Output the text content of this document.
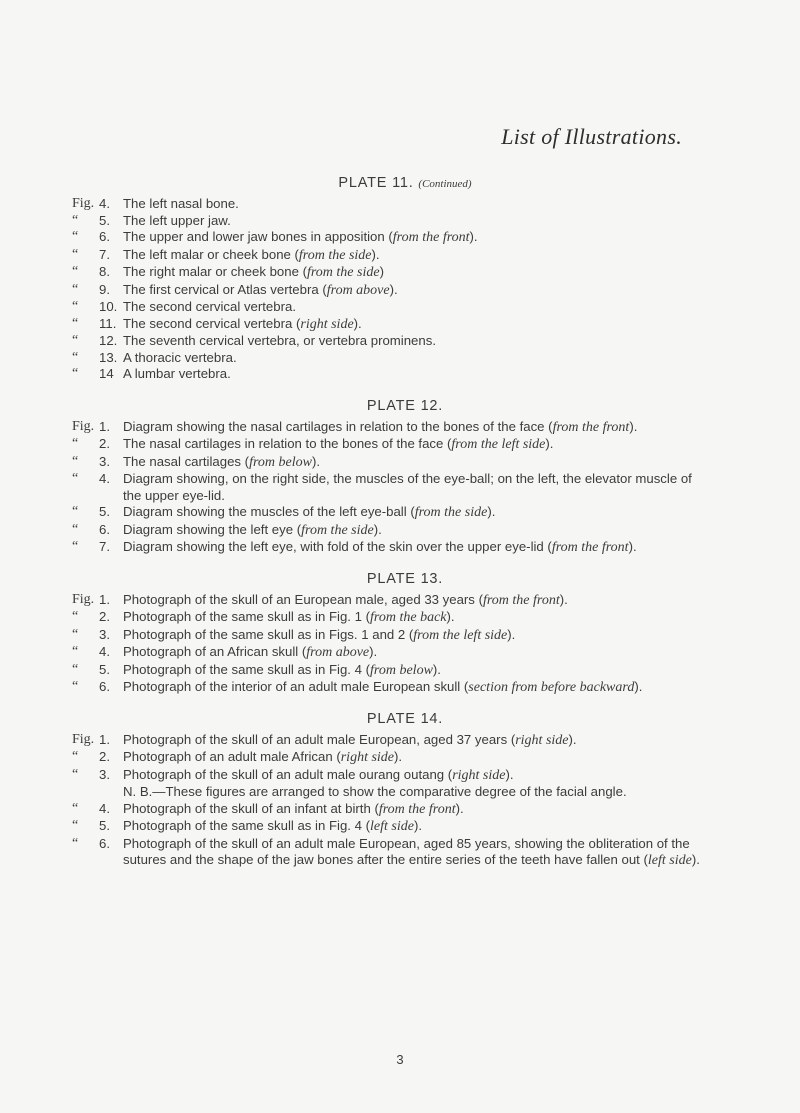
List of Illustrations.
PLATE 11. (Continued)
Fig. 4. The left nasal bone.
“	5. The left upper jaw.
“	6. The upper and lower jaw bones in apposition (from the front).
“	7. The left malar or cheek bone (from the side).
“	8. The right malar or cheek bone (from the side)
“	9. The first cervical or Atlas vertebra (from above).
“	10. The second cervical vertebra.
“	11. The second cervical vertebra (right side).
“	12. The seventh cervical vertebra, or vertebra prominens.
“	13. A thoracic vertebra.
“	14 A lumbar vertebra.
PLATE 12.
Fig. 1. Diagram showing the nasal cartilages in relation to the bones of the face (from the front).
“	2. The nasal cartilages in relation to the bones of the face (from the left side).
“	3. The nasal cartilages (from below).
“	4. Diagram showing, on the right side, the muscles of the eye-ball; on the left, the elevator muscle of the upper eye-lid.
“	5. Diagram showing the muscles of the left eye-ball (from the side).
“	6. Diagram showing the left eye (from the side).
“	7. Diagram showing the left eye, with fold of the skin over the upper eye-lid (from the front).
PLATE 13.
Fig. 1. Photograph of the skull of an European male, aged 33 years (from the front).
“	2. Photograph of the same skull as in Fig. 1 (from the back).
“	3. Photograph of the same skull as in Figs. 1 and 2 (from the left side).
“	4. Photograph of an African skull (from above).
“	5. Photograph of the same skull as in Fig. 4 (from below).
“	6. Photograph of the interior of an adult male European skull (section from before backward).
PLATE 14.
Fig. 1. Photograph of the skull of an adult male European, aged 37 years (right side).
“	2. Photograph of an adult male African (right side).
“	3. Photograph of the skull of an adult male ourang outang (right side).
N. B.—These figures are arranged to show the comparative degree of the facial angle.
“	4. Photograph of the skull of an infant at birth (from the front).
“	5. Photograph of the same skull as in Fig. 4 (left side).
“	6. Photograph of the skull of an adult male European, aged 85 years, showing the obliteration of the sutures and the shape of the jaw bones after the entire series of the teeth have fallen out (left side).
3
